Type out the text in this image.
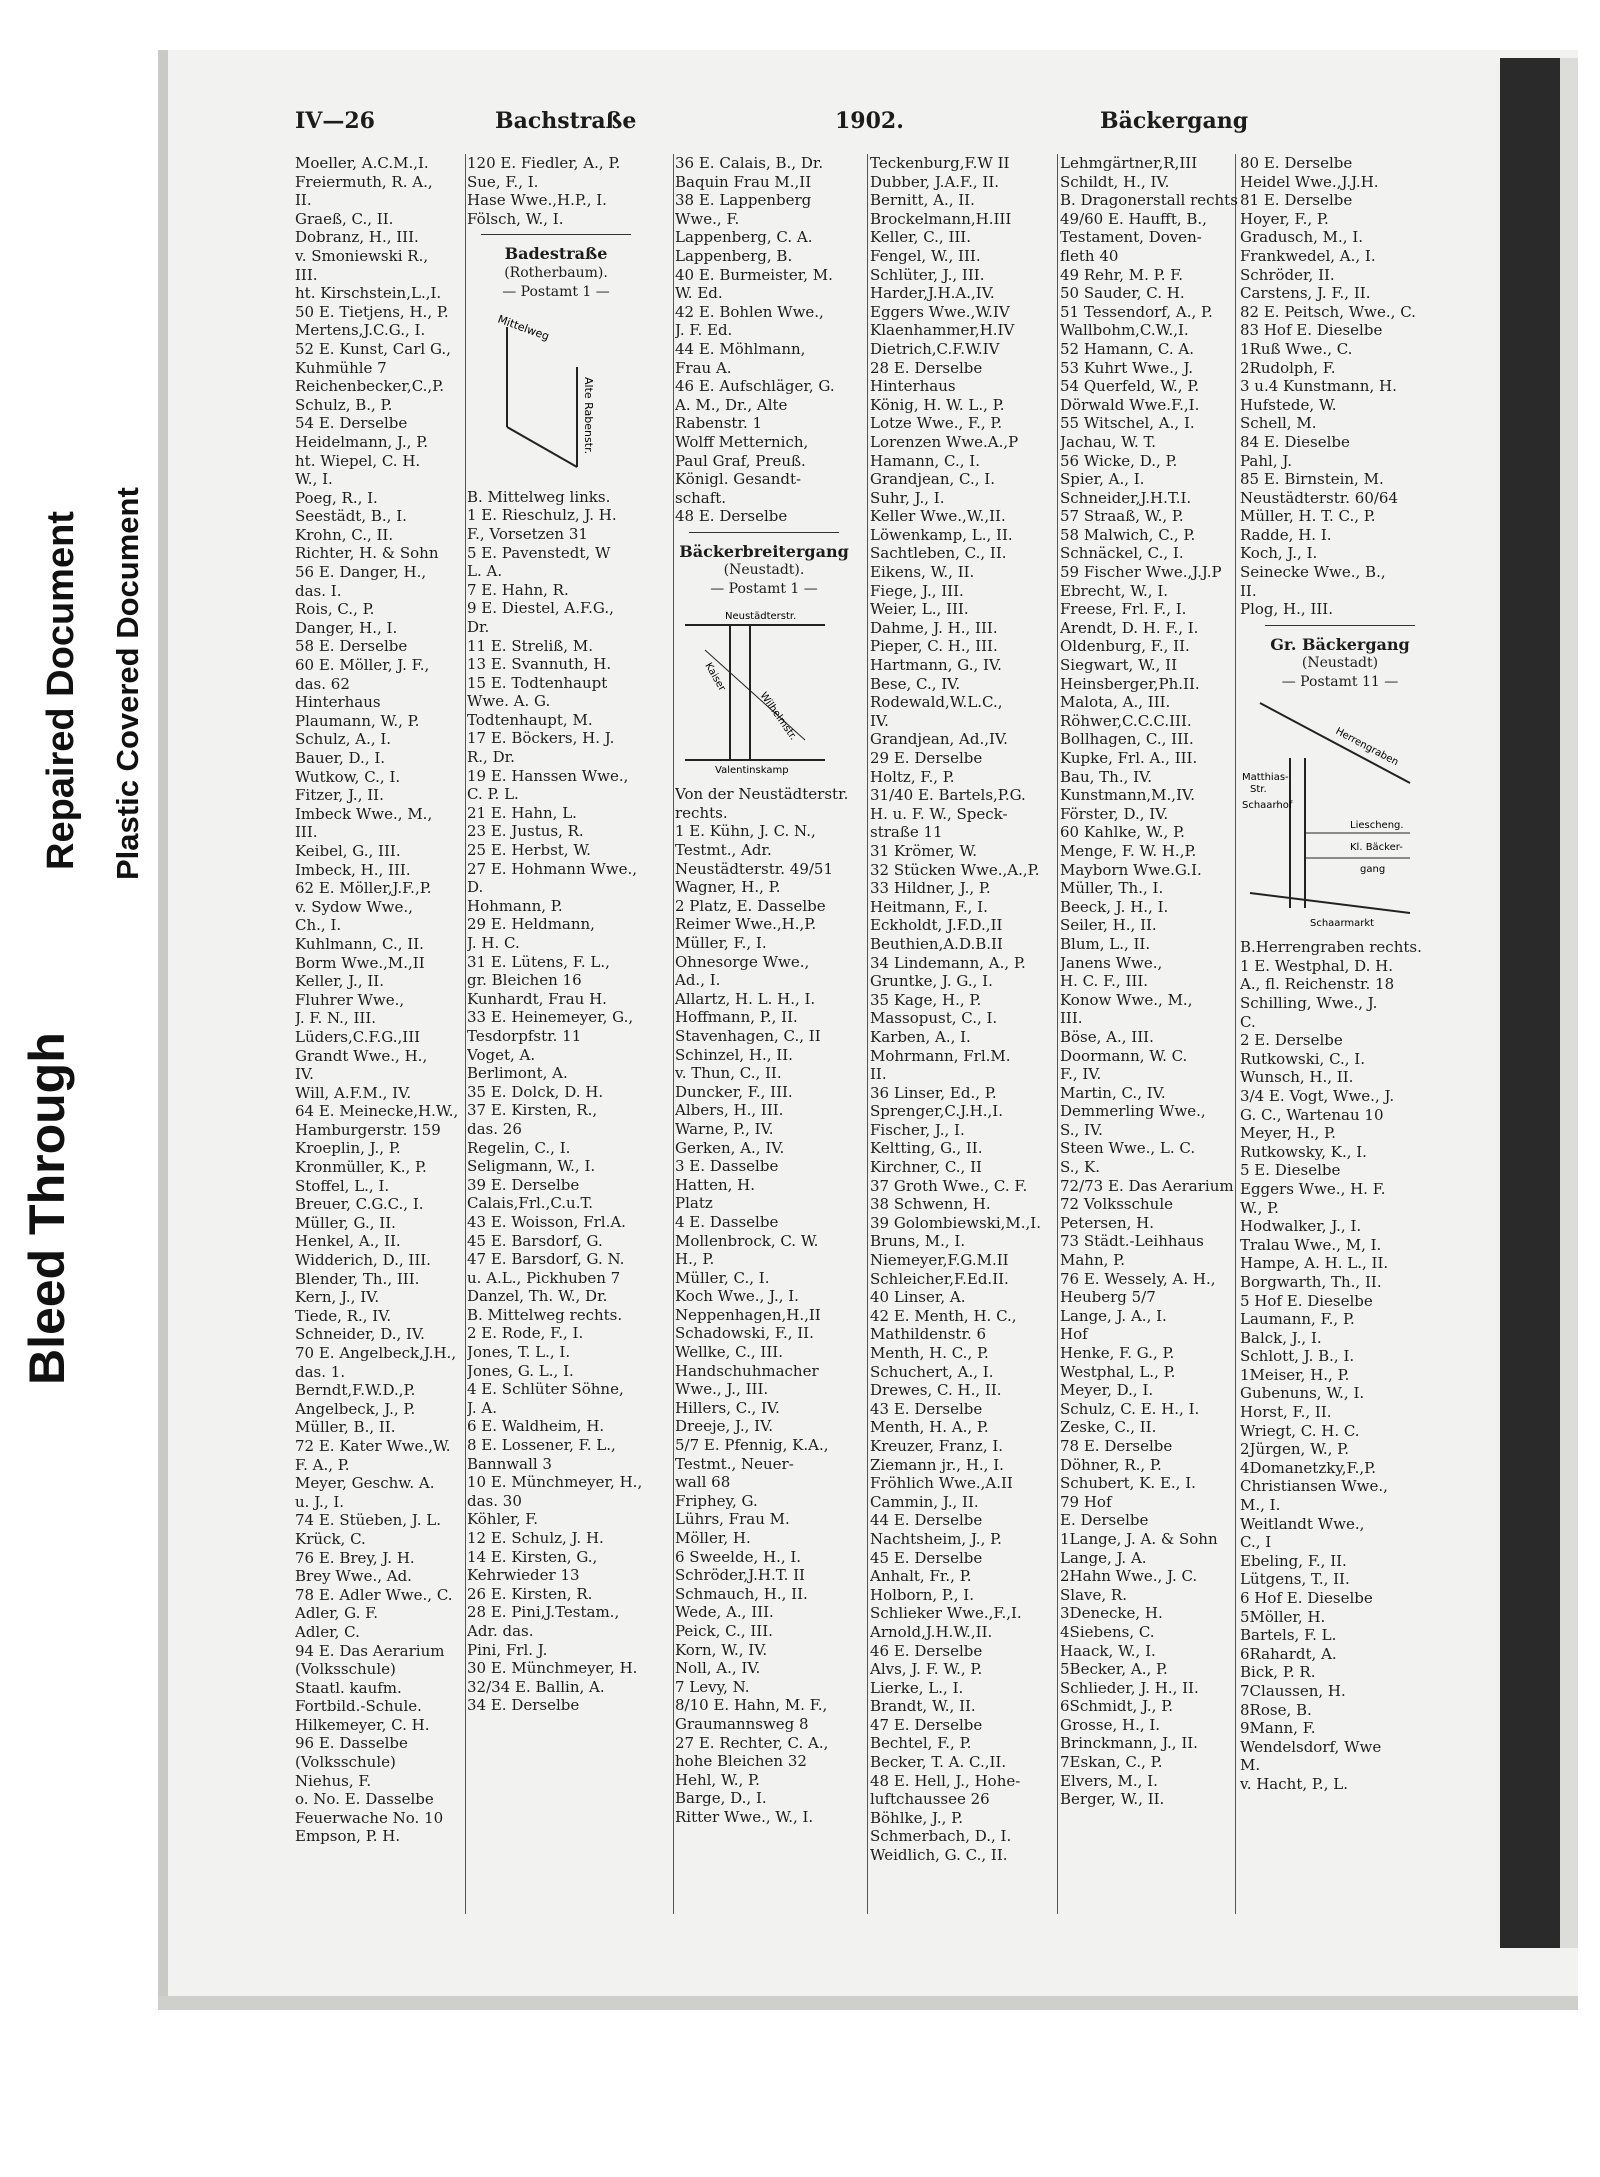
Bleed Through
Repaired Document Plastic Covered Document
IV—26	Bachstraße	1902.	Bäckergang
Moeller, A.C.M.,I.
Freiermuth, R. A.,
II.
Graeß, C., II.
Dobranz, H., III.
v. Smoniewski R.,
III.
ht. Kirschstein,L.,I.
50 E. Tietjens, H., P.
Mertens,J.C.G., I.
52 E. Kunst, Carl G.,
Kuhmühle 7
Reichenbecker,C.,P.
Schulz, B., P.
54 E. Derselbe
Heidelmann, J., P.
ht. Wiepel, C. H.
W., I.
Poeg, R., I.
Seestädt, B., I.
Krohn, C., II.
Richter, H. & Sohn
56 E. Danger, H.,
das. I.
Rois, C., P.
Danger, H., I.
58 E. Derselbe
60 E. Möller, J. F.,
das. 62
Hinterhaus
Plaumann, W., P.
Schulz, A., I.
Bauer, D., I.
Wutkow, C., I.
Fitzer, J., II.
Imbeck Wwe., M.,
III.
Keibel, G., III.
Imbeck, H., III.
62 E. Möller,J.F.,P.
v. Sydow Wwe.,
Ch., I.
Kuhlmann, C., II.
Borm Wwe.,M.,II
Keller, J., II.
Fluhrer Wwe.,
J. F. N., III.
Lüders,C.F.G.,III
Grandt Wwe., H.,
IV.
Will, A.F.M., IV.
64 E. Meinecke,H.W.,
Hamburgerstr. 159
Kroeplin, J., P.
Kronmüller, K., P.
Stoffel, L., I.
Breuer, C.G.C., I.
Müller, G., II.
Henkel, A., II.
Widderich, D., III.
Blender, Th., III.
Kern, J., IV.
Tiede, R., IV.
Schneider, D., IV.
70 E. Angelbeck,J.H.,
das. 1.
Berndt,F.W.D.,P.
Angelbeck, J., P.
Müller, B., II.
72 E. Kater Wwe.,W.
F. A., P.
Meyer, Geschw. A.
u. J., I.
74 E. Stüeben, J. L.
Krück, C.
76 E. Brey, J. H.
Brey Wwe., Ad.
78 E. Adler Wwe., C.
Adler, G. F.
Adler, C.
94 E. Das Aerarium
(Volksschule)
Staatl. kaufm.
Fortbild.-Schule.
Hilkemeyer, C. H.
96 E. Dasselbe
(Volksschule)
Niehus, F.
o. No. E. Dasselbe
Feuerwache No. 10
Empson, P. H.
120 E. Fiedler, A., P.
Sue, F., I.
Hase Wwe.,H.P., I.
Fölsch, W., I.
Badestraße
(Rotherbaum).
— Postamt 1 —
Mittelweg
Alte Rabenstr.
B. Mittelweg links.
1 E. Rieschulz, J. H.
F., Vorsetzen 31
5 E. Pavenstedt, W
L. A.
7 E. Hahn, R.
9 E. Diestel, A.F.G.,
Dr.
11 E. Streliß, M.
13 E. Svannuth, H.
15 E. Todtenhaupt
Wwe. A. G.
Todtenhaupt, M.
17 E. Böckers, H. J.
R., Dr.
19 E. Hanssen Wwe.,
C. P. L.
21 E. Hahn, L.
23 E. Justus, R.
25 E. Herbst, W.
27 E. Hohmann Wwe.,
D.
Hohmann, P.
29 E. Heldmann,
J. H. C.
31 E. Lütens, F. L.,
gr. Bleichen 16
Kunhardt, Frau H.
33 E. Heinemeyer, G.,
Tesdorpfstr. 11
Voget, A.
Berlimont, A.
35 E. Dolck, D. H.
37 E. Kirsten, R.,
das. 26
Regelin, C., I.
Seligmann, W., I.
39 E. Derselbe
Calais,Frl.,C.u.T.
43 E. Woisson, Frl.A.
45 E. Barsdorf, G.
47 E. Barsdorf, G. N.
u. A.L., Pickhuben 7
Danzel, Th. W., Dr.
B. Mittelweg rechts.
2 E. Rode, F., I.
Jones, T. L., I.
Jones, G. L., I.
4 E. Schlüter Söhne,
J. A.
6 E. Waldheim, H.
8 E. Lossener, F. L.,
Bannwall 3
10 E. Münchmeyer, H.,
das. 30
Köhler, F.
12 E. Schulz, J. H.
14 E. Kirsten, G.,
Kehrwieder 13
26 E. Kirsten, R.
28 E. Pini,J.Testam.,
Adr. das.
Pini, Frl. J.
30 E. Münchmeyer, H.
32/34 E. Ballin, A.
34 E. Derselbe
36 E. Calais, B., Dr.
Baquin Frau M.,II
38 E. Lappenberg
Wwe., F.
Lappenberg, C. A.
Lappenberg, B.
40 E. Burmeister, M.
W. Ed.
42 E. Bohlen Wwe.,
J. F. Ed.
44 E. Möhlmann,
Frau A.
46 E. Aufschläger, G.
A. M., Dr., Alte
Rabenstr. 1
Wolff Metternich,
Paul Graf, Preuß.
Königl. Gesandt-
schaft.
48 E. Derselbe
Bäckerbreitergang
(Neustadt).
— Postamt 1 —
Neustädterstr.
Kaiser
Wilhelmstr.
Valentinskamp
Von der Neustädterstr.
rechts.
1 E. Kühn, J. C. N.,
Testmt., Adr.
Neustädterstr. 49/51
Wagner, H., P.
2 Platz, E. Dasselbe
Reimer Wwe.,H.,P.
Müller, F., I.
Ohnesorge Wwe.,
Ad., I.
Allartz, H. L. H., I.
Hoffmann, P., II.
Stavenhagen, C., II
Schinzel, H., II.
v. Thun, C., II.
Duncker, F., III.
Albers, H., III.
Warne, P., IV.
Gerken, A., IV.
3 E. Dasselbe
Hatten, H.
Platz
4 E. Dasselbe
Mollenbrock, C. W.
H., P.
Müller, C., I.
Koch Wwe., J., I.
Neppenhagen,H.,II
Schadowski, F., II.
Wellke, C., III.
Handschuhmacher
Wwe., J., III.
Hillers, C., IV.
Dreeje, J., IV.
5/7 E. Pfennig, K.A.,
Testmt., Neuer-
wall 68
Friphey, G.
Lührs, Frau M.
Möller, H.
6 Sweelde, H., I.
Schröder,J.H.T. II
Schmauch, H., II.
Wede, A., III.
Peick, C., III.
Korn, W., IV.
Noll, A., IV.
7 Levy, N.
8/10 E. Hahn, M. F.,
Graumannsweg 8
27 E. Rechter, C. A.,
hohe Bleichen 32
Hehl, W., P.
Barge, D., I.
Ritter Wwe., W., I.
Teckenburg,F.W II
Dubber, J.A.F., II.
Bernitt, A., II.
Brockelmann,H.III
Keller, C., III.
Fengel, W., III.
Schlüter, J., III.
Harder,J.H.A.,IV.
Eggers Wwe.,W.IV
Klaenhammer,H.IV
Dietrich,C.F.W.IV
28 E. Derselbe
Hinterhaus
König, H. W. L., P.
Lotze Wwe., F., P.
Lorenzen Wwe.A.,P
Hamann, C., I.
Grandjean, C., I.
Suhr, J., I.
Keller Wwe.,W.,II.
Löwenkamp, L., II.
Sachtleben, C., II.
Eikens, W., II.
Fiege, J., III.
Weier, L., III.
Dahme, J. H., III.
Pieper, C. H., III.
Hartmann, G., IV.
Bese, C., IV.
Rodewald,W.L.C.,
IV.
Grandjean, Ad.,IV.
29 E. Derselbe
Holtz, F., P.
31/40 E. Bartels,P.G.
H. u. F. W., Speck-
straße 11
31 Krömer, W.
32 Stücken Wwe.,A.,P.
33 Hildner, J., P.
Heitmann, F., I.
Eckholdt, J.F.D.,II
Beuthien,A.D.B.II
34 Lindemann, A., P.
Gruntke, J. G., I.
35 Kage, H., P.
Massopust, C., I.
Karben, A., I.
Mohrmann, Frl.M.
II.
36 Linser, Ed., P.
Sprenger,C.J.H.,I.
Fischer, J., I.
Keltting, G., II.
Kirchner, C., II
37 Groth Wwe., C. F.
38 Schwenn, H.
39 Golombiewski,M.,I.
Bruns, M., I.
Niemeyer,F.G.M.II
Schleicher,F.Ed.II.
40 Linser, A.
42 E. Menth, H. C.,
Mathildenstr. 6
Menth, H. C., P.
Schuchert, A., I.
Drewes, C. H., II.
43 E. Derselbe
Menth, H. A., P.
Kreuzer, Franz, I.
Ziemann jr., H., I.
Fröhlich Wwe.,A.II
Cammin, J., II.
44 E. Derselbe
Nachtsheim, J., P.
45 E. Derselbe
Anhalt, Fr., P.
Holborn, P., I.
Schlieker Wwe.,F.,I.
Arnold,J.H.W.,II.
46 E. Derselbe
Alvs, J. F. W., P.
Lierke, L., I.
Brandt, W., II.
47 E. Derselbe
Bechtel, F., P.
Becker, T. A. C.,II.
48 E. Hell, J., Hohe-
luftchaussee 26
Böhlke, J., P.
Schmerbach, D., I.
Weidlich, G. C., II.
Lehmgärtner,R,III
Schildt, H., IV.
B. Dragonerstall rechts
49/60 E. Haufft, B.,
Testament, Doven-
fleth 40
49 Rehr, M. P. F.
50 Sauder, C. H.
51 Tessendorf, A., P.
Wallbohm,C.W.,I.
52 Hamann, C. A.
53 Kuhrt Wwe., J.
54 Querfeld, W., P.
Dörwald Wwe.F.,I.
55 Witschel, A., I.
Jachau, W. T.
56 Wicke, D., P.
Spier, A., I.
Schneider,J.H.T.I.
57 Straaß, W., P.
58 Malwich, C., P.
Schnäckel, C., I.
59 Fischer Wwe.,J.J.P
Ebrecht, W., I.
Freese, Frl. F., I.
Arendt, D. H. F., I.
Oldenburg, F., II.
Siegwart, W., II
Heinsberger,Ph.II.
Malota, A., III.
Röhwer,C.C.C.III.
Bollhagen, C., III.
Kupke, Frl. A., III.
Bau, Th., IV.
Kunstmann,M.,IV.
Förster, D., IV.
60 Kahlke, W., P.
Menge, F. W. H.,P.
Mayborn Wwe.G.I.
Müller, Th., I.
Beeck, J. H., I.
Seiler, H., II.
Blum, L., II.
Janens Wwe.,
H. C. F., III.
Konow Wwe., M.,
III.
Böse, A., III.
Doormann, W. C.
F., IV.
Martin, C., IV.
Demmerling Wwe.,
S., IV.
Steen Wwe., L. C.
S., K.
72/73 E. Das Aerarium
72 Volksschule
Petersen, H.
73 Städt.-Leihhaus
Mahn, P.
76 E. Wessely, A. H.,
Heuberg 5/7
Lange, J. A., I.
Hof
Henke, F. G., P.
Westphal, L., P.
Meyer, D., I.
Schulz, C. E. H., I.
Zeske, C., II.
78 E. Derselbe
Döhner, R., P.
Schubert, K. E., I.
79 Hof
E. Derselbe
1Lange, J. A. & Sohn
Lange, J. A.
2Hahn Wwe., J. C.
Slave, R.
3Denecke, H.
4Siebens, C.
Haack, W., I.
5Becker, A., P.
Schlieder, J. H., II.
6Schmidt, J., P.
Grosse, H., I.
Brinckmann, J., II.
7Eskan, C., P.
Elvers, M., I.
Berger, W., II.
80 E. Derselbe
Heidel Wwe.,J.J.H.
81 E. Derselbe
Hoyer, F., P.
Gradusch, M., I.
Frankwedel, A., I.
Schröder, II.
Carstens, J. F., II.
82 E. Peitsch, Wwe., C.
83 Hof E. Dieselbe
1Ruß Wwe., C.
2Rudolph, F.
3 u.4 Kunstmann, H.
Hufstede, W.
Schell, M.
84 E. Dieselbe
Pahl, J.
85 E. Birnstein, M.
Neustädterstr. 60/64
Müller, H. T. C., P.
Radde, H. I.
Koch, J., I.
Seinecke Wwe., B.,
II.
Plog, H., III.
Gr. Bäckergang
(Neustadt)
— Postamt 11 —
Herrengraben
Matthias-
Str.
Schaarhof
Liescheng.
Kl. Bäcker-
gang
Schaarmarkt
B.Herrengraben rechts.
1 E. Westphal, D. H.
A., fl. Reichenstr. 18
Schilling, Wwe., J.
C.
2 E. Derselbe
Rutkowski, C., I.
Wunsch, H., II.
3/4 E. Vogt, Wwe., J.
G. C., Wartenau 10
Meyer, H., P.
Rutkowsky, K., I.
5 E. Dieselbe
Eggers Wwe., H. F.
W., P.
Hodwalker, J., I.
Tralau Wwe., M, I.
Hampe, A. H. L., II.
Borgwarth, Th., II.
5 Hof E. Dieselbe
Laumann, F., P.
Balck, J., I.
Schlott, J. B., I.
1Meiser, H., P.
Gubenuns, W., I.
Horst, F., II.
Wriegt, C. H. C.
2Jürgen, W., P.
4Domanetzky,F.,P.
Christiansen Wwe.,
M., I.
Weitlandt Wwe.,
C., I
Ebeling, F., II.
Lütgens, T., II.
6 Hof E. Dieselbe
5Möller, H.
Bartels, F. L.
6Rahardt, A.
Bick, P. R.
7Claussen, H.
8Rose, B.
9Mann, F.
Wendelsdorf, Wwe
M.
v. Hacht, P., L.
